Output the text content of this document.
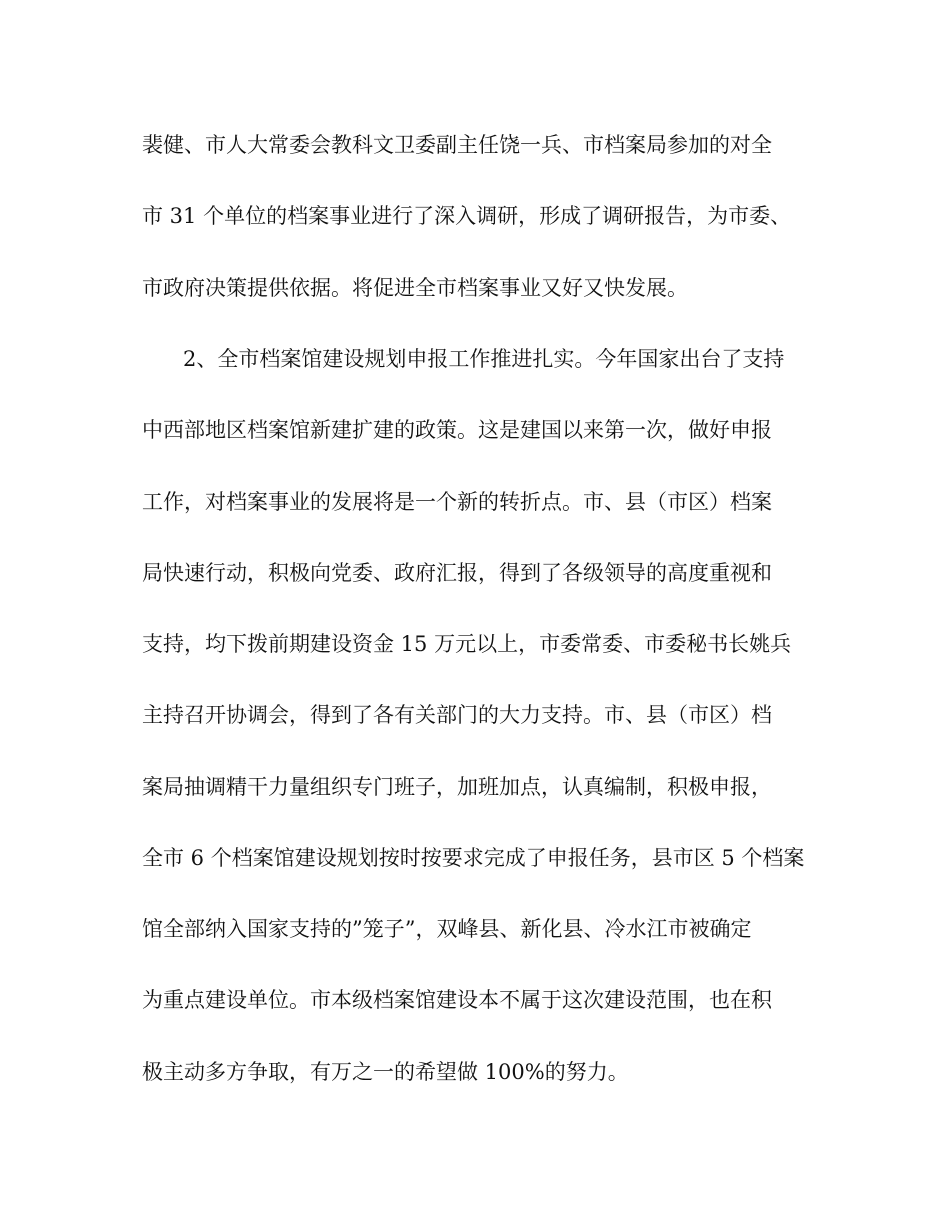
裴健、市人大常委会教科文卫委副主任饶一兵、市档案局参加的对全
市 31 个单位的档案事业进行了深入调研，形成了调研报告，为市委、
市政府决策提供依据。将促进全市档案事业又好又快发展。
2、全市档案馆建设规划申报工作推进扎实。今年国家出台了支持
中西部地区档案馆新建扩建的政策。这是建国以来第一次，做好申报
工作，对档案事业的发展将是一个新的转折点。市、县（市区）档案
局快速行动，积极向党委、政府汇报，得到了各级领导的高度重视和
支持，均下拨前期建设资金 15 万元以上，市委常委、市委秘书长姚兵
主持召开协调会，得到了各有关部门的大力支持。市、县（市区）档
案局抽调精干力量组织专门班子，加班加点，认真编制，积极申报，
全市 6 个档案馆建设规划按时按要求完成了申报任务，县市区 5 个档案
馆全部纳入国家支持的”笼子”，双峰县、新化县、冷水江市被确定
为重点建设单位。市本级档案馆建设本不属于这次建设范围，也在积
极主动多方争取，有万之一的希望做 100%的努力。
